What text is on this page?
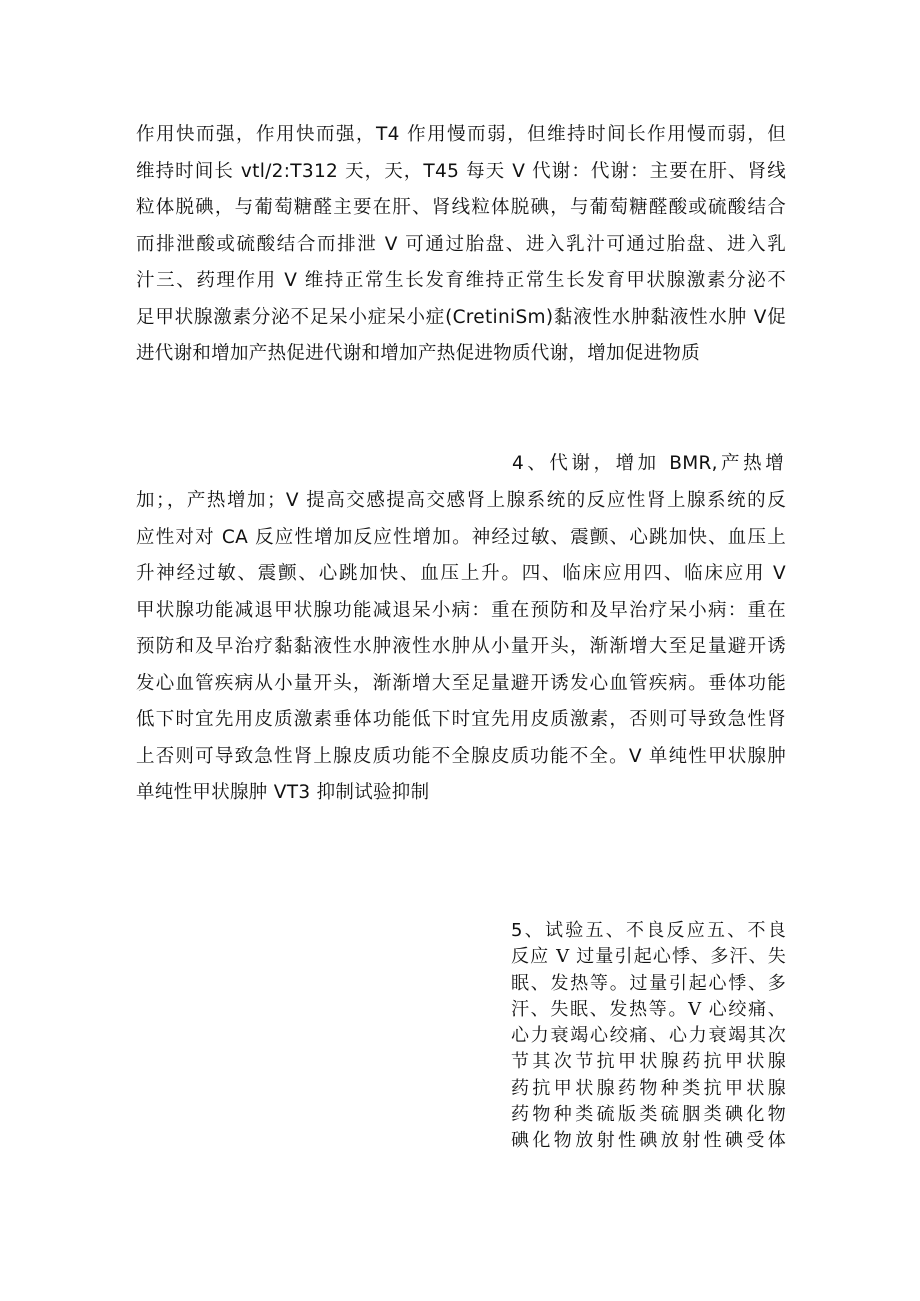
作用快而强，作用快而强，T4 作用慢而弱，但维持时间长作用慢而弱，但
维持时间长 vtl/2:T312 天，天，T45 每天 V 代谢：代谢：主要在肝、肾线
粒体脱碘，与葡萄糖醛主要在肝、肾线粒体脱碘，与葡萄糖醛酸或硫酸结合
而排泄酸或硫酸结合而排泄 V 可通过胎盘、进入乳汁可通过胎盘、进入乳
汁三、药理作用 V 维持正常生长发育维持正常生长发育甲状腺激素分泌不
足甲状腺激素分泌不足呆小症呆小症(CretiniSm)黏液性水肿黏液性水肿 V促
进代谢和增加产热促进代谢和增加产热促进物质代谢，增加促进物质
4、代谢，增加 BMR,产热增
加；，产热增加；V 提高交感提高交感肾上腺系统的反应性肾上腺系统的反
应性对对 CA 反应性增加反应性增加。神经过敏、震颤、心跳加快、血压上
升神经过敏、震颤、心跳加快、血压上升。四、临床应用四、临床应用 V
甲状腺功能减退甲状腺功能减退呆小病：重在预防和及早治疗呆小病：重在
预防和及早治疗黏黏液性水肿液性水肿从小量开头，渐渐增大至足量避开诱
发心血管疾病从小量开头，渐渐增大至足量避开诱发心血管疾病。垂体功能
低下时宜先用皮质激素垂体功能低下时宜先用皮质激素，否则可导致急性肾
上否则可导致急性肾上腺皮质功能不全腺皮质功能不全。V 单纯性甲状腺肿
单纯性甲状腺肿 VT3 抑制试验抑制
5、试验五、不良反应五、不良
反应 V 过量引起心悸、多汗、失
眠、发热等。过量引起心悸、多
汗、失眠、发热等。V 心绞痛、
心力衰竭心绞痛、心力衰竭其次
节其次节抗甲状腺药抗甲状腺
药抗甲状腺药物种类抗甲状腺
药物种类硫版类硫胭类碘化物
碘化物放射性碘放射性碘受体
